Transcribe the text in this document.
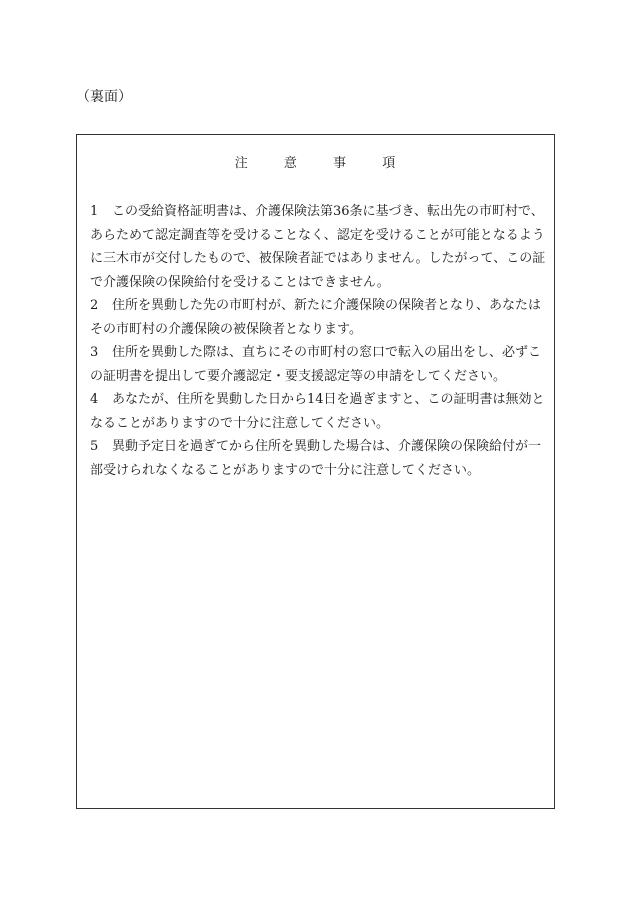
（裏面）
注	意	事	項
1	この受給資格証明書は、介護保険法第36条に基づき、転出先の市町村で、あらためて認定調査等を受けることなく、認定を受けることが可能となるように三木市が交付したもので、被保険者証ではありません。したがって、この証で介護保険の保険給付を受けることはできません。
2	住所を異動した先の市町村が、新たに介護保険の保険者となり、あなたはその市町村の介護保険の被保険者となります。
3	住所を異動した際は、直ちにその市町村の窓口で転入の届出をし、必ずこの証明書を提出して要介護認定・要支援認定等の申請をしてください。
4	あなたが、住所を異動した日から14日を過ぎますと、この証明書は無効となることがありますので十分に注意してください。
5	異動予定日を過ぎてから住所を異動した場合は、介護保険の保険給付が一部受けられなくなることがありますので十分に注意してください。
